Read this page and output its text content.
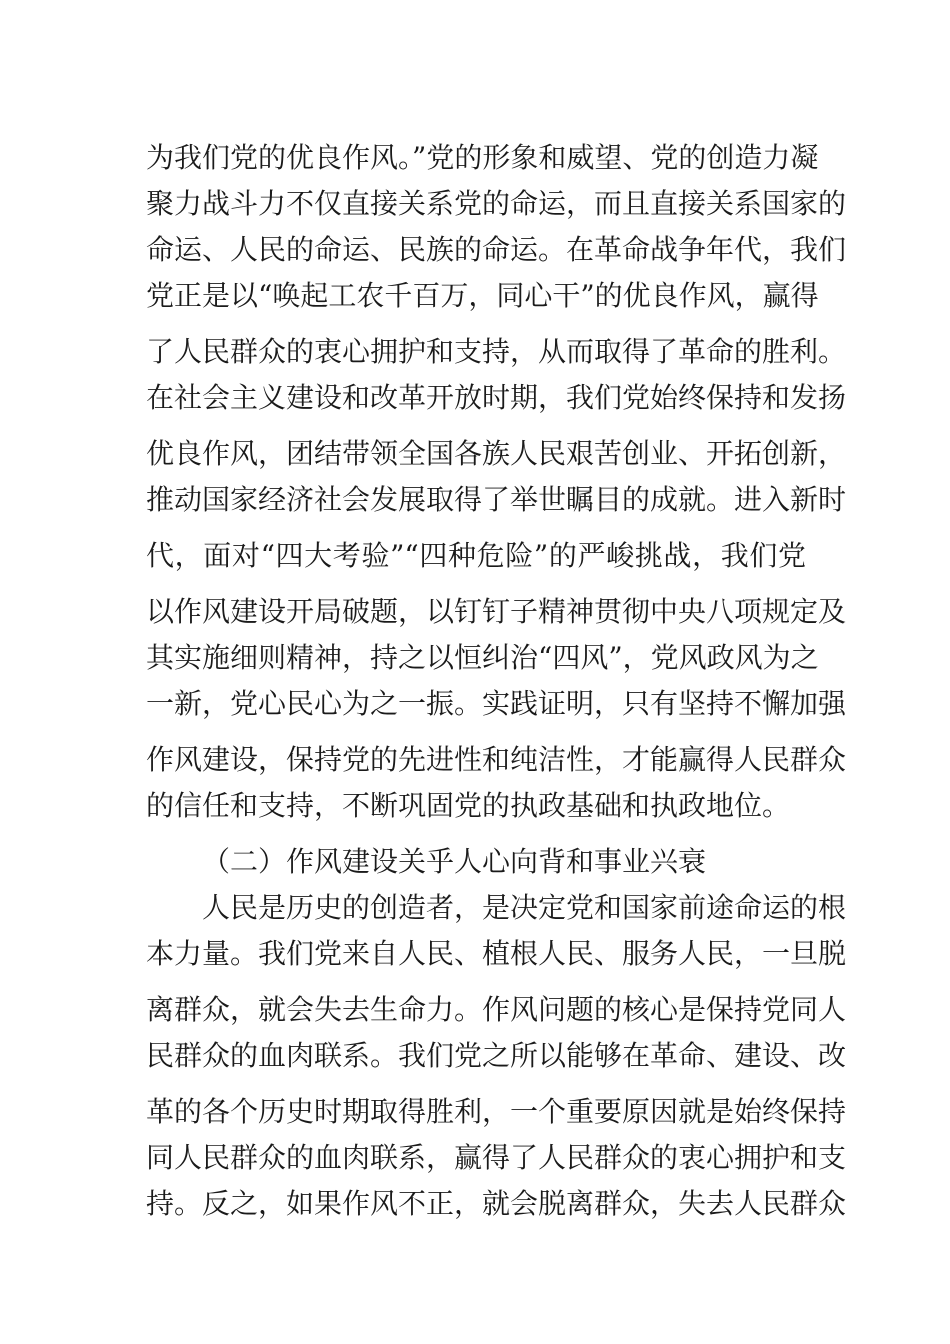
为我们党的优良作风。”党的形象和威望、党的创造力凝
聚力战斗力不仅直接关系党的命运，而且直接关系国家的
命运、人民的命运、民族的命运。在革命战争年代，我们
党正是以“唤起工农千百万，同心干”的优良作风，赢得
了人民群众的衷心拥护和支持，从而取得了革命的胜利。
在社会主义建设和改革开放时期，我们党始终保持和发扬
优良作风，团结带领全国各族人民艰苦创业、开拓创新，
推动国家经济社会发展取得了举世瞩目的成就。进入新时
代，面对“四大考验”“四种危险”的严峻挑战，我们党
以作风建设开局破题，以钉钉子精神贯彻中央八项规定及
其实施细则精神，持之以恒纠治“四风”，党风政风为之
一新，党心民心为之一振。实践证明，只有坚持不懈加强
作风建设，保持党的先进性和纯洁性，才能赢得人民群众
的信任和支持，不断巩固党的执政基础和执政地位。
（二）作风建设关乎人心向背和事业兴衰
人民是历史的创造者，是决定党和国家前途命运的根
本力量。我们党来自人民、植根人民、服务人民，一旦脱
离群众，就会失去生命力。作风问题的核心是保持党同人
民群众的血肉联系。我们党之所以能够在革命、建设、改
革的各个历史时期取得胜利，一个重要原因就是始终保持
同人民群众的血肉联系，赢得了人民群众的衷心拥护和支
持。反之，如果作风不正，就会脱离群众，失去人民群众
